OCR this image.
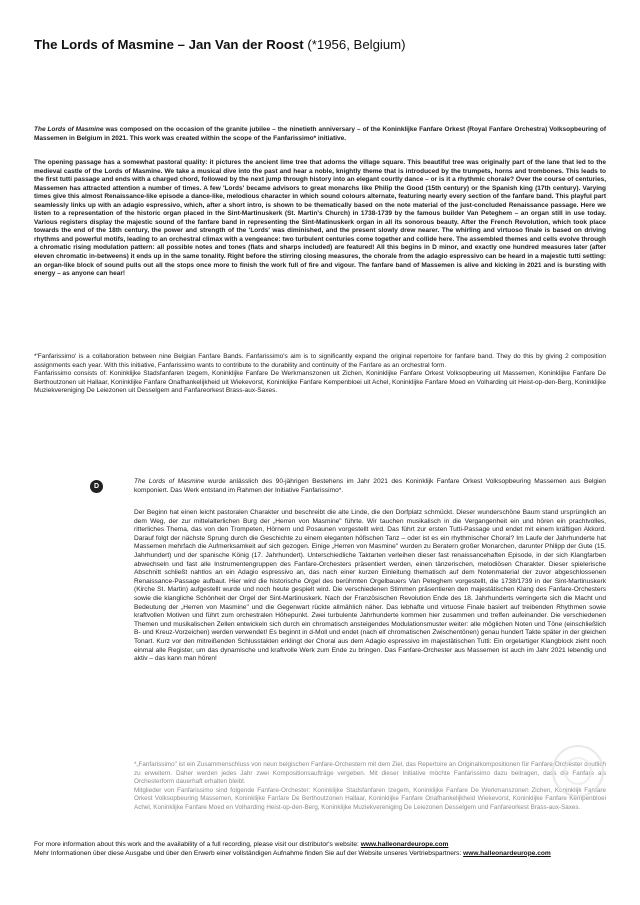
The Lords of Masmine – Jan Van der Roost (*1956, Belgium)

The Lords of Masmine was composed on the occasion of the granite jubilee – the ninetieth anniversary – of the Koninklijke Fanfare Orkest (Royal Fanfare Orchestra) Volksopbeuring of Massemen in Belgium in 2021. This work was created within the scope of the Fanfarissimo* initiative.

The opening passage has a somewhat pastoral quality: it pictures the ancient lime tree that adorns the village square. This beautiful tree was originally part of the lane that led to the medieval castle of the Lords of Masmine. We take a musical dive into the past and hear a noble, knightly theme that is introduced by the trumpets, horns and trombones. This leads to the first tutti passage and ends with a charged chord, followed by the next jump through history into an elegant courtly dance – or is it a rhythmic chorale? Over the course of centuries, Massemen has attracted attention a number of times. A few 'Lords' became advisors to great monarchs like Philip the Good (15th century) or the Spanish king (17th century). Varying times give this almost Renaissance-like episode a dance-like, melodious character in which sound colours alternate, featuring nearly every section of the fanfare band. This playful part seamlessly links up with an adagio espressivo, which, after a short intro, is shown to be thematically based on the note material of the just-concluded Renaissance passage. Here we listen to a representation of the historic organ placed in the Sint-Martinuskerk (St. Martin's Church) in 1738-1739 by the famous builder Van Peteghem – an organ still in use today. Various registers display the majestic sound of the fanfare band in representing the Sint-Matinuskerk organ in all its sonorous beauty. After the French Revolution, which took place towards the end of the 18th century, the power and strength of the 'Lords' was diminished, and the present slowly drew nearer. The whirling and virtuoso finale is based on driving rhythms and powerful motifs, leading to an orchestral climax with a vengeance: two turbulent centuries come together and collide here. The assembled themes and cells evolve through a chromatic rising modulation pattern: all possible notes and tones (flats and sharps included) are featured! All this begins in D minor, and exactly one hundred measures later (after eleven chromatic in-betweens) it ends up in the same tonality. Right before the stirring closing measures, the chorale from the adagio espressivo can be heard in a majestic tutti setting: an organ-like block of sound pulls out all the stops once more to finish the work full of fire and vigour. The fanfare band of Massemen is alive and kicking in 2021 and is bursting with energy – as anyone can hear!

*'Fanfarissimo' is a collaboration between nine Belgian Fanfare Bands. Fanfarissimo's aim is to significantly expand the original repertoire for fanfare band. They do this by giving 2 composition assignments each year. With this initiative, Fanfarissimo wants to contribute to the durability and continuity of the Fanfare as an orchestral form.

Fanfarissimo consists of: Koninklijke Stadsfanfaren Izegem, Koninklijke Fanfare De Werkmanszonen uit Zichen, Koninklijke Fanfare Orkest Volksopbeuring uit Massemen, Koninklijke Fanfare De Berthoutzonen uit Hallaar, Koninklijke Fanfare Onafhankelijkheid uit Wiekevorst, Koninklijke Fanfare Kempenbloei uit Achel, Koninklijke Fanfare Moed en Volharding uit Heist-op-den-Berg, Koninklijke Muziekvereniging De Leiezonen uit Desselgem and Fanfareorkest Brass-aux-Saxes.

D

The Lords of Masmine wurde anlässlich des 90-jährigen Bestehens im Jahr 2021 des Koninklijk Fanfare Orkest Volksopbeuring Massemen aus Belgien komponiert. Das Werk entstand im Rahmen der Initiative Fanfarissimo*.

Der Beginn hat einen leicht pastoralen Charakter und beschreibt die alte Linde, die den Dorfplatz schmückt. Dieser wunderschöne Baum stand ursprünglich an dem Weg, der zur mittelalterlichen Burg der „Herren von Masmine" führte. Wir tauchen musikalisch in die Vergangenheit ein und hören ein prachtvolles, ritterliches Thema, das von den Trompeten, Hörnern und Posaunen vorgestellt wird. Das führt zur ersten Tutti-Passage und endet mit einem kräftigen Akkord. Darauf folgt der nächste Sprung durch die Geschichte zu einem eleganten höfischen Tanz – oder ist es ein rhythmischer Choral? Im Laufe der Jahrhunderte hat Massemen mehrfach die Aufmerksamkeit auf sich gezogen. Einige „Herren von Masmine" wurden zu Beratern großer Monarchen, darunter Philipp der Gute (15. Jahrhundert) und der spanische König (17. Jahrhundert). Unterschiedliche Taktarten verleihen dieser fast renaissancehaften Episode, in der sich Klangfarben abwechseln und fast alle Instrumentengruppen des Fanfare-Orchesters präsentiert werden, einen tänzerischen, melodiösen Charakter. Dieser spielerische Abschnitt schließt nahtlos an ein Adagio espressivo an, das nach einer kurzen Einleitung thematisch auf dem Notenmaterial der zuvor abgeschlossenen Renaissance-Passage aufbaut. Hier wird die historische Orgel des berühmten Orgelbauers Van Peteghem vorgestellt, die 1738/1739 in der Sint-Martinuskerk (Kirche St. Martin) aufgestellt wurde und noch heute gespielt wird. Die verschiedenen Stimmen präsentieren den majestätischen Klang des Fanfare-Orchesters sowie die klangliche Schönheit der Orgel der Sint-Martinuskerk. Nach der Französischen Revolution Ende des 18. Jahrhunderts verringerte sich die Macht und Bedeutung der „Herren von Masmine" und die Gegenwart rückte allmählich näher. Das lebhafte und virtuose Finale basiert auf treibenden Rhythmen sowie kraftvollen Motiven und führt zum orchestralen Höhepunkt. Zwei turbulente Jahrhunderte kommen hier zusammen und treffen aufeinander. Die verschiedenen Themen und musikalischen Zellen entwickeln sich durch ein chromatisch ansteigendes Modulationsmuster weiter: alle möglichen Noten und Töne (einschließlich B- und Kreuz-Vorzeichen) werden verwendet! Es beginnt in d-Moll und endet (nach elf chromatischen Zwischentönen) genau hundert Takte später in der gleichen Tonart. Kurz vor den mitreißenden Schlusstakten erklingt der Choral aus dem Adagio espressivo im majestätischen Tutti: Ein orgelartiger Klangblock zieht noch einmal alle Register, um das dynamische und kraftvolle Werk zum Ende zu bringen. Das Fanfare-Orchester aus Massemen ist auch im Jahr 2021 lebendig und aktiv – das kann man hören!

*„Fanfarissimo" ist ein Zusammenschluss von neun belgischen Fanfare-Orchestern mit dem Ziel, das Repertoire an Originalkompositionen für Fanfare-Orchester deutlich zu erweitern. Daher werden jedes Jahr zwei Kompositionsaufträge vergeben. Mit dieser Initiative möchte Fanfarissimo dazu beitragen, dass die Fanfare als Orchesterform dauerhaft erhalten bleibt.

Mitglieder von Fanfarissimo sind folgende Fanfare-Orchester: Koninklijke Stadsfanfaren Izegem, Koninklijke Fanfare De Werkmanszonen Zichen, Koninklijk Fanfare Orkest Volksopbeuring Massemen, Koninklijke Fanfare De Berthoutzonen Hallaar, Koninklijke Fanfare Onafhankelijkheid Wiekevorst, Koninklijke Fanfare Kempenbloei Achel, Koninklijke Fanfare Moed en Volharding Heist-op-den-Berg, Koninklijke Muziekvereniging De Leiezonen Desselgem und Fanfareorkest Brass-aux-Saxes.

For more information about this work and the availability of a full recording, please visit our distributor's website: www.halleonardeurope.com

Mehr Informationen über diese Ausgabe und über den Erwerb einer vollständigen Aufnahme finden Sie auf der Website unseres Vertriebspartners: www.halleonardeurope.com
